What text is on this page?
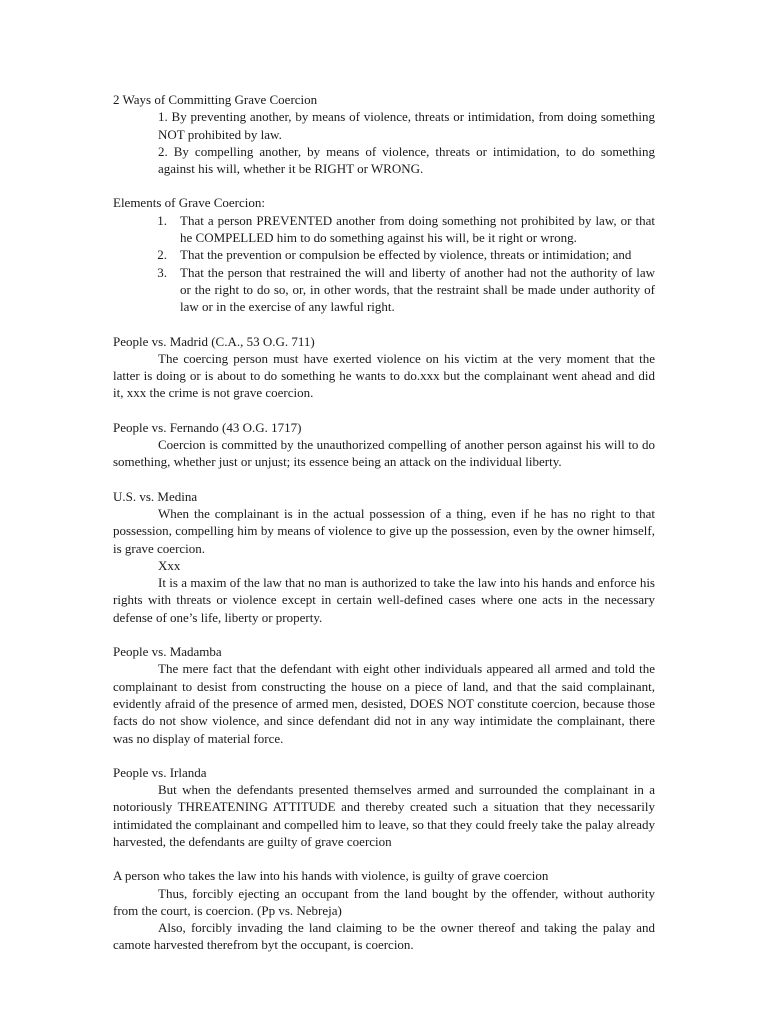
2 Ways of Committing Grave Coercion

1. By preventing another, by means of violence, threats or intimidation, from doing something NOT prohibited by law.

2. By compelling another, by means of violence, threats or intimidation, to do something against his will, whether it be RIGHT or WRONG.

Elements of Grave Coercion:
1.	That a person PREVENTED another from doing something not prohibited by law, or that he COMPELLED him to do something against his will, be it right or wrong.
2.	That the prevention or compulsion be effected by violence, threats or intimidation; and
3.	That the person that restrained the will and liberty of another had not the authority of law or the right to do so, or, in other words, that the restraint shall be made under authority of law or in the exercise of any lawful right.
People vs. Madrid (C.A., 53 O.G. 711)

The coercing person must have exerted violence on his victim at the very moment that the latter is doing or is about to do something he wants to do.xxx but the complainant went ahead and did it, xxx the crime is not grave coercion.

People vs. Fernando (43 O.G. 1717)

Coercion is committed by the unauthorized compelling of another person against his will to do something, whether just or unjust; its essence being an attack on the individual liberty.

U.S. vs. Medina

When the complainant is in the actual possession of a thing, even if he has no right to that possession, compelling him by means of violence to give up the possession, even by the owner himself, is grave coercion.

Xxx

It is a maxim of the law that no man is authorized to take the law into his hands and enforce his rights with threats or violence except in certain well-defined cases where one acts in the necessary defense of one’s life, liberty or property.

People vs. Madamba

The mere fact that the defendant with eight other individuals appeared all armed and told the complainant to desist from constructing the house on a piece of land, and that the said complainant, evidently afraid of the presence of armed men, desisted, DOES NOT constitute coercion, because those facts do not show violence, and since defendant did not in any way intimidate the complainant, there was no display of material force.

People vs. Irlanda

But when the defendants presented themselves armed and surrounded the complainant in a notoriously THREATENING ATTITUDE and thereby created such a situation that they necessarily intimidated the complainant and compelled him to leave, so that they could freely take the palay already harvested, the defendants are guilty of grave coercion

A person who takes the law into his hands with violence, is guilty of grave coercion

Thus, forcibly ejecting an occupant from the land bought by the offender, without authority from the court, is coercion. (Pp vs. Nebreja)

Also, forcibly invading the land claiming to be the owner thereof and taking the palay and camote harvested therefrom byt the occupant, is coercion.
